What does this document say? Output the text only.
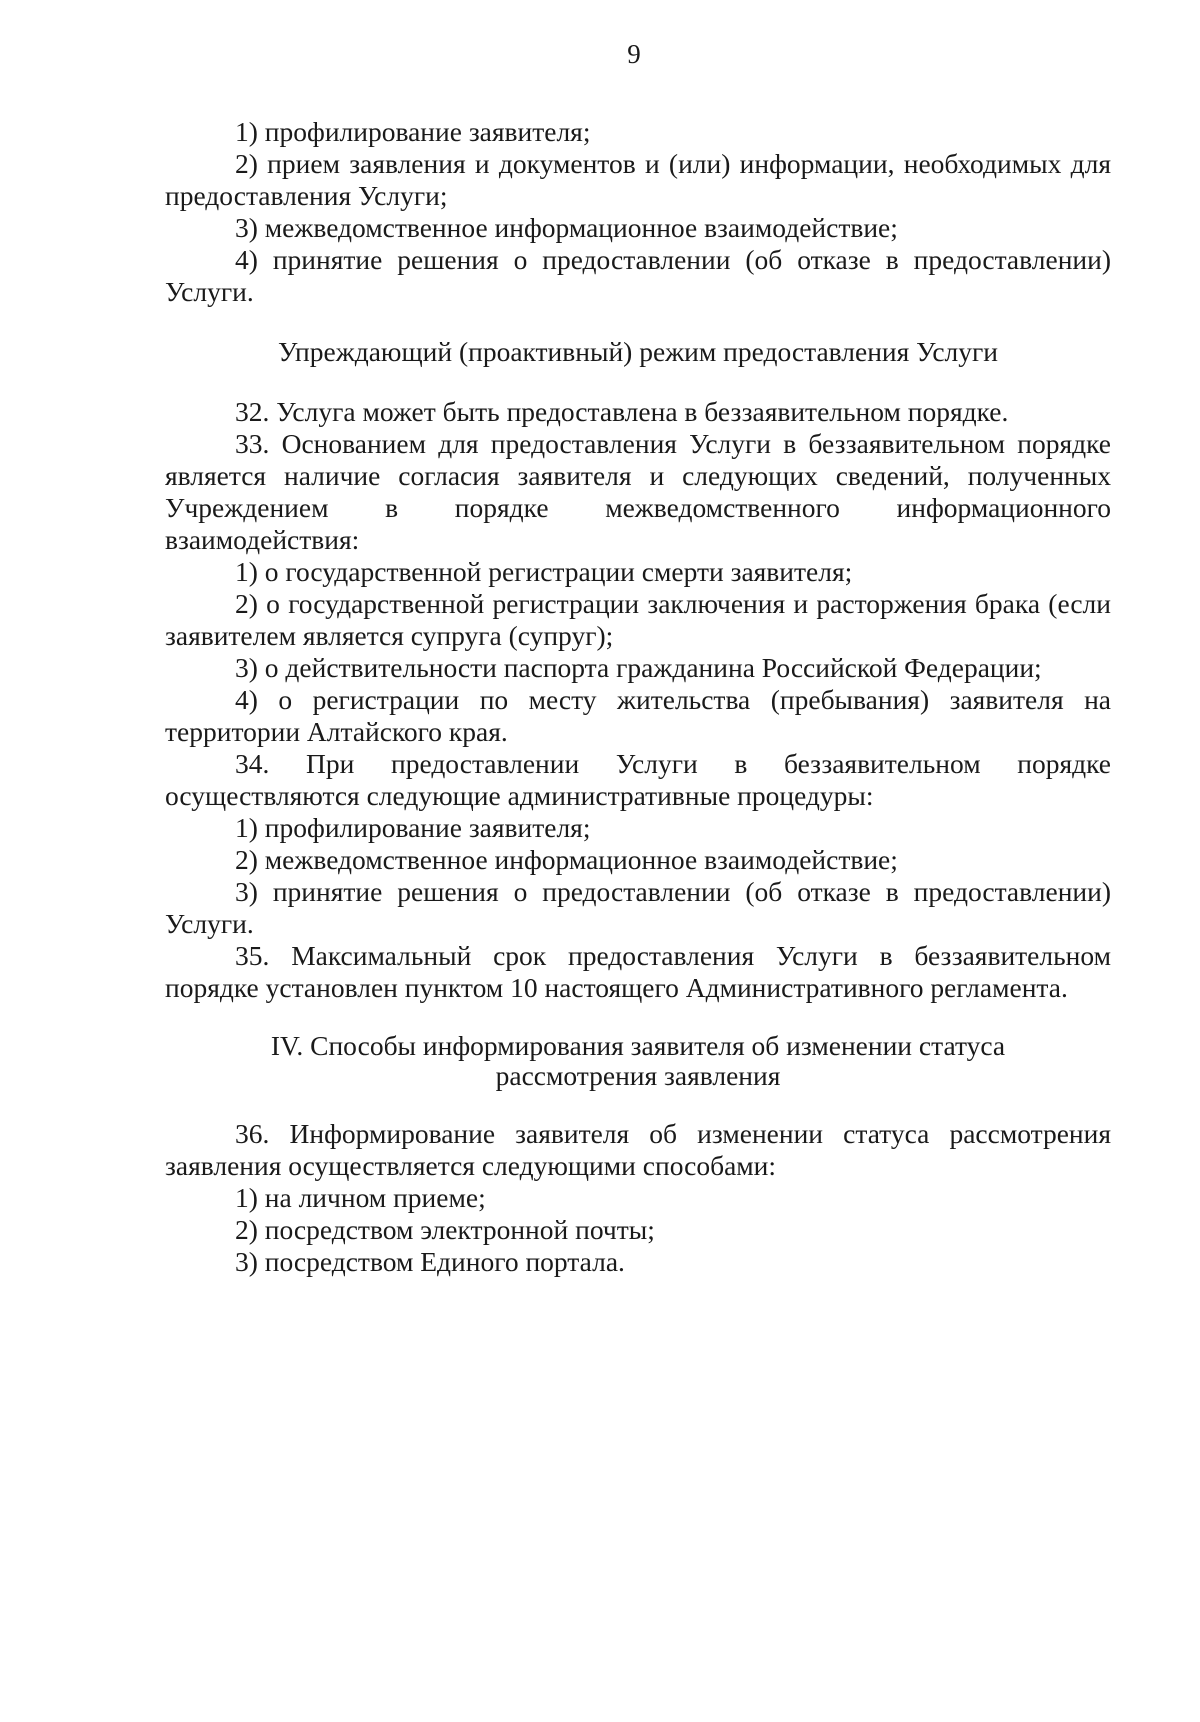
9

1) профилирование заявителя;

2) прием заявления и документов и (или) информации, необходимых для предоставления Услуги;

3) межведомственное информационное взаимодействие;

4) принятие решения о предоставлении (об отказе в предоставлении) Услуги.

Упреждающий (проактивный) режим предоставления Услуги

32. Услуга может быть предоставлена в беззаявительном порядке.

33. Основанием для предоставления Услуги в беззаявительном порядке является наличие согласия заявителя и следующих сведений, полученных Учреждением в порядке межведомственного информационного взаимодействия:

1) о государственной регистрации смерти заявителя;

2) о государственной регистрации заключения и расторжения брака (если заявителем является супруга (супруг);

3) о действительности паспорта гражданина Российской Федерации;

4) о регистрации по месту жительства (пребывания) заявителя на территории Алтайского края.

34. При предоставлении Услуги в беззаявительном порядке осуществляются следующие административные процедуры:

1) профилирование заявителя;

2) межведомственное информационное взаимодействие;

3) принятие решения о предоставлении (об отказе в предоставлении) Услуги.

35. Максимальный срок предоставления Услуги в беззаявительном порядке установлен пунктом 10 настоящего Административного регламента.

IV. Способы информирования заявителя об изменении статуса
рассмотрения заявления

36. Информирование заявителя об изменении статуса рассмотрения заявления осуществляется следующими способами:

1) на личном приеме;

2) посредством электронной почты;

3) посредством Единого портала.
